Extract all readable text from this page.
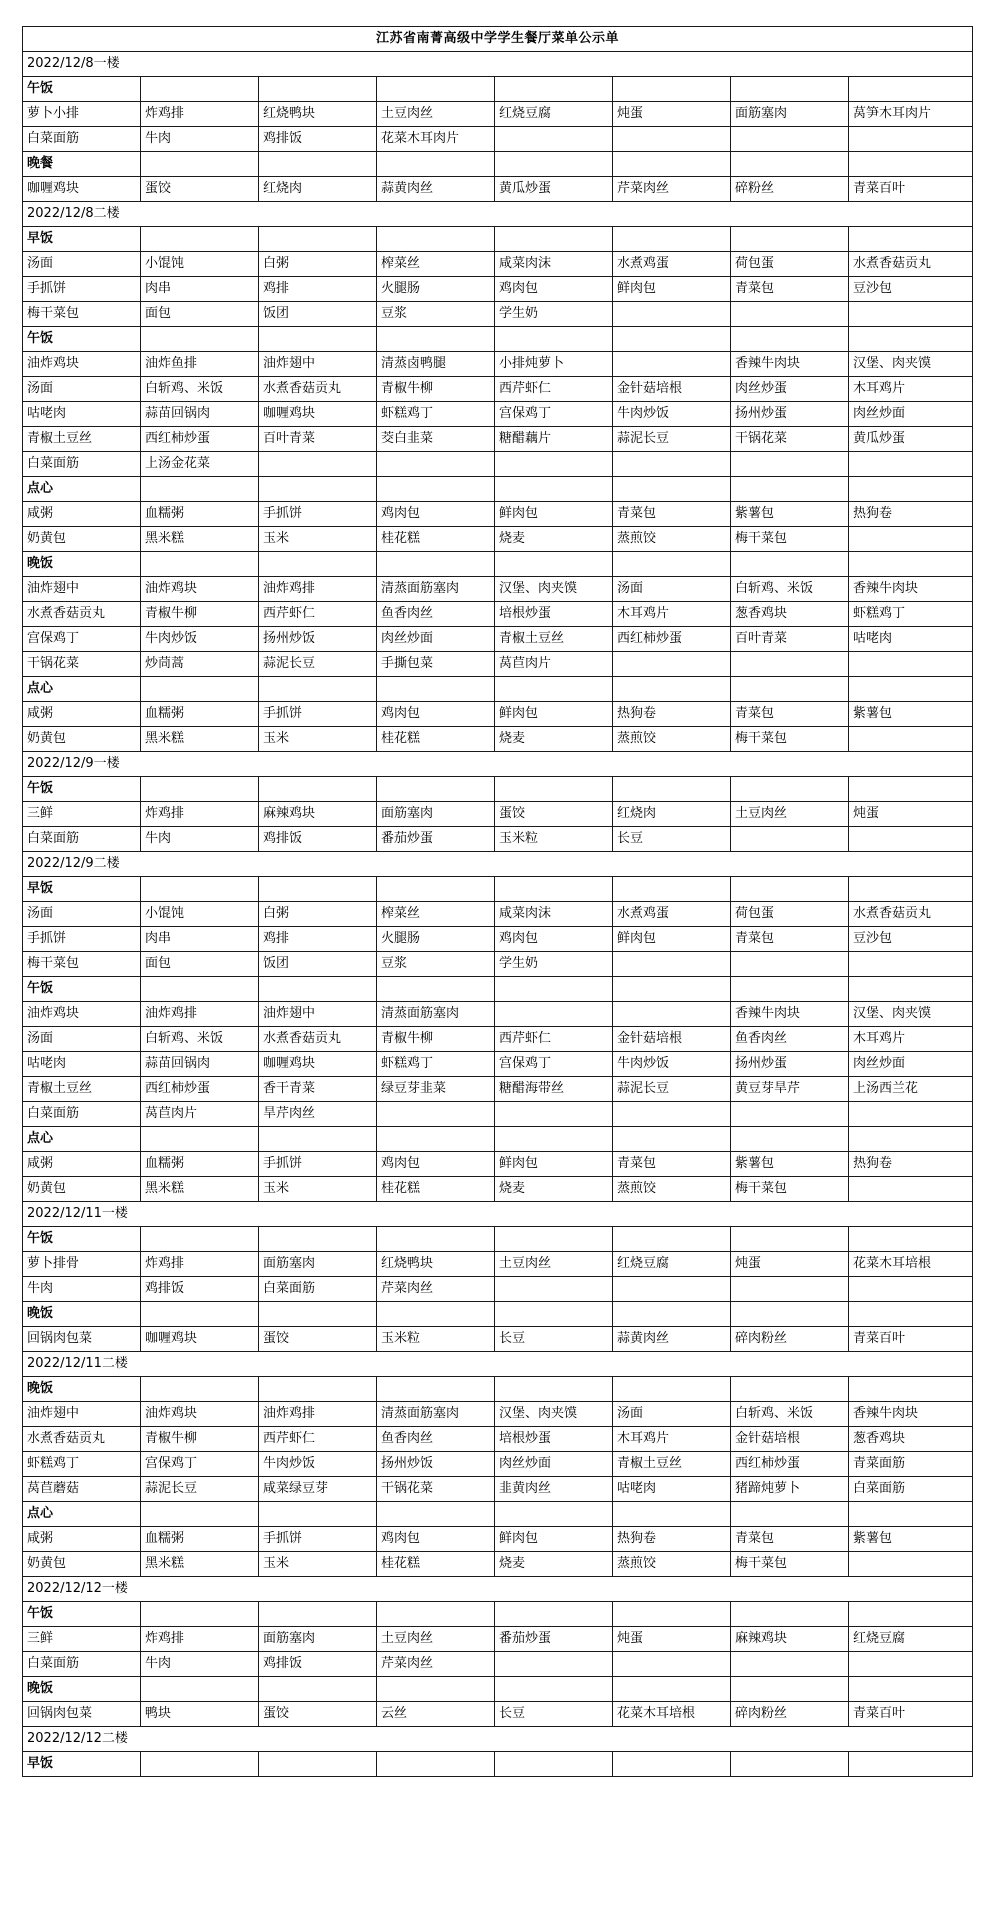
江苏省南菁高级中学学生餐厅菜单公示单							
2022/12/8一楼							
午饭							
萝卜小排	炸鸡排	红烧鸭块	土豆肉丝	红烧豆腐	炖蛋	面筋塞肉	莴笋木耳肉片
白菜面筋	牛肉	鸡排饭	花菜木耳肉片				
晚餐							
咖喱鸡块	蛋饺	红烧肉	蒜黄肉丝	黄瓜炒蛋	芹菜肉丝	碎粉丝	青菜百叶
2022/12/8二楼							
早饭							
汤面	小馄饨	白粥	榨菜丝	咸菜肉沫	水煮鸡蛋	荷包蛋	水煮香菇贡丸
手抓饼	肉串	鸡排	火腿肠	鸡肉包	鲜肉包	青菜包	豆沙包
梅干菜包	面包	饭团	豆浆	学生奶			
午饭							
油炸鸡块	油炸鱼排	油炸翅中	清蒸卤鸭腿	小排炖萝卜		香辣牛肉块	汉堡、肉夹馍
汤面	白斩鸡、米饭	水煮香菇贡丸	青椒牛柳	西芹虾仁	金针菇培根	肉丝炒蛋	木耳鸡片
咕咾肉	蒜苗回锅肉	咖喱鸡块	虾糕鸡丁	宫保鸡丁	牛肉炒饭	扬州炒蛋	肉丝炒面
青椒土豆丝	西红柿炒蛋	百叶青菜	茭白韭菜	糖醋藕片	蒜泥长豆	干锅花菜	黄瓜炒蛋
白菜面筋	上汤金花菜						
点心							
咸粥	血糯粥	手抓饼	鸡肉包	鲜肉包	青菜包	紫薯包	热狗卷
奶黄包	黑米糕	玉米	桂花糕	烧麦	蒸煎饺	梅干菜包	
晚饭							
油炸翅中	油炸鸡块	油炸鸡排	清蒸面筋塞肉	汉堡、肉夹馍	汤面	白斩鸡、米饭	香辣牛肉块
水煮香菇贡丸	青椒牛柳	西芹虾仁	鱼香肉丝	培根炒蛋	木耳鸡片	葱香鸡块	虾糕鸡丁
宫保鸡丁	牛肉炒饭	扬州炒饭	肉丝炒面	青椒土豆丝	西红柿炒蛋	百叶青菜	咕咾肉
干锅花菜	炒茼蒿	蒜泥长豆	手撕包菜	莴苣肉片			
点心							
咸粥	血糯粥	手抓饼	鸡肉包	鲜肉包	热狗卷	青菜包	紫薯包
奶黄包	黑米糕	玉米	桂花糕	烧麦	蒸煎饺	梅干菜包	
2022/12/9一楼							
午饭							
三鲜	炸鸡排	麻辣鸡块	面筋塞肉	蛋饺	红烧肉	土豆肉丝	炖蛋
白菜面筋	牛肉	鸡排饭	番茄炒蛋	玉米粒	长豆		
2022/12/9二楼							
早饭							
汤面	小馄饨	白粥	榨菜丝	咸菜肉沫	水煮鸡蛋	荷包蛋	水煮香菇贡丸
手抓饼	肉串	鸡排	火腿肠	鸡肉包	鲜肉包	青菜包	豆沙包
梅干菜包	面包	饭团	豆浆	学生奶			
午饭							
油炸鸡块	油炸鸡排	油炸翅中	清蒸面筋塞肉			香辣牛肉块	汉堡、肉夹馍
汤面	白斩鸡、米饭	水煮香菇贡丸	青椒牛柳	西芹虾仁	金针菇培根	鱼香肉丝	木耳鸡片
咕咾肉	蒜苗回锅肉	咖喱鸡块	虾糕鸡丁	宫保鸡丁	牛肉炒饭	扬州炒蛋	肉丝炒面
青椒土豆丝	西红柿炒蛋	香干青菜	绿豆芽韭菜	糖醋海带丝	蒜泥长豆	黄豆芽旱芹	上汤西兰花
白菜面筋	莴苣肉片	旱芹肉丝					
点心							
咸粥	血糯粥	手抓饼	鸡肉包	鲜肉包	青菜包	紫薯包	热狗卷
奶黄包	黑米糕	玉米	桂花糕	烧麦	蒸煎饺	梅干菜包	
2022/12/11一楼							
午饭							
萝卜排骨	炸鸡排	面筋塞肉	红烧鸭块	土豆肉丝	红烧豆腐	炖蛋	花菜木耳培根
牛肉	鸡排饭	白菜面筋	芹菜肉丝				
晚饭							
回锅肉包菜	咖喱鸡块	蛋饺	玉米粒	长豆	蒜黄肉丝	碎肉粉丝	青菜百叶
2022/12/11二楼							
晚饭							
油炸翅中	油炸鸡块	油炸鸡排	清蒸面筋塞肉	汉堡、肉夹馍	汤面	白斩鸡、米饭	香辣牛肉块
水煮香菇贡丸	青椒牛柳	西芹虾仁	鱼香肉丝	培根炒蛋	木耳鸡片	金针菇培根	葱香鸡块
虾糕鸡丁	宫保鸡丁	牛肉炒饭	扬州炒饭	肉丝炒面	青椒土豆丝	西红柿炒蛋	青菜面筋
莴苣蘑菇	蒜泥长豆	咸菜绿豆芽	干锅花菜	韭黄肉丝	咕咾肉	猪蹄炖萝卜	白菜面筋
点心							
咸粥	血糯粥	手抓饼	鸡肉包	鲜肉包	热狗卷	青菜包	紫薯包
奶黄包	黑米糕	玉米	桂花糕	烧麦	蒸煎饺	梅干菜包	
2022/12/12一楼							
午饭							
三鲜	炸鸡排	面筋塞肉	土豆肉丝	番茄炒蛋	炖蛋	麻辣鸡块	红烧豆腐
白菜面筋	牛肉	鸡排饭	芹菜肉丝				
晚饭							
回锅肉包菜	鸭块	蛋饺	云丝	长豆	花菜木耳培根	碎肉粉丝	青菜百叶
2022/12/12二楼							
早饭							
